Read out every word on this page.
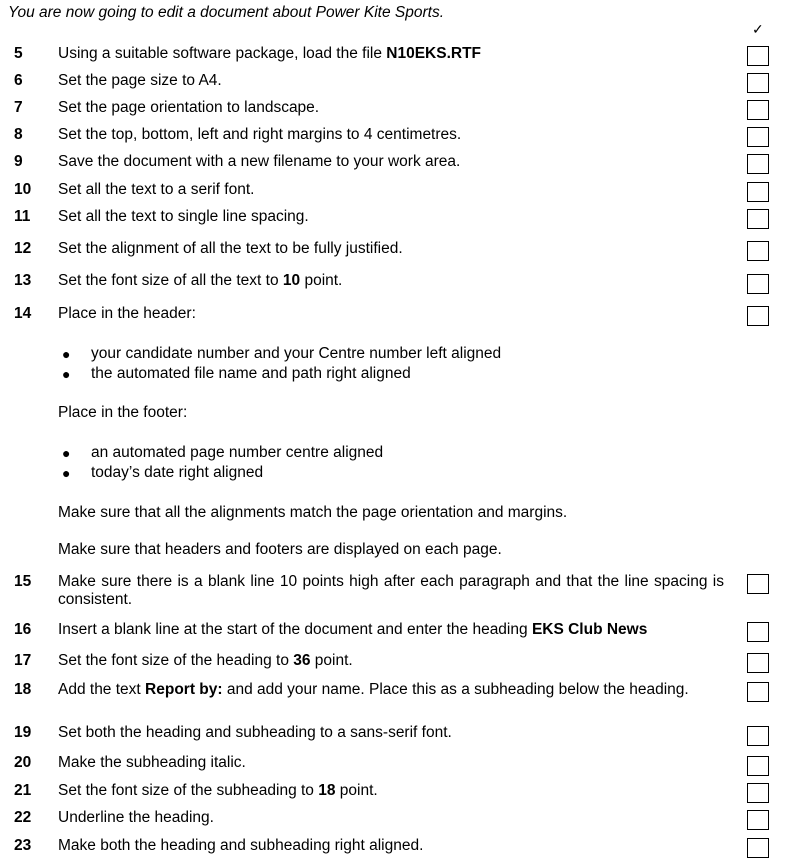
You are now going to edit a document about Power Kite Sports.
✓
5 Using a suitable software package, load the file N10EKS.RTF
6 Set the page size to A4.
7 Set the page orientation to landscape.
8 Set the top, bottom, left and right margins to 4 centimetres.
9 Save the document with a new filename to your work area.
10 Set all the text to a serif font.
11 Set all the text to single line spacing.
12 Set the alignment of all the text to be fully justified.
13 Set the font size of all the text to 10 point.
14 Place in the header:
● your candidate number and your Centre number left aligned
● the automated file name and path right aligned
Place in the footer:
● an automated page number centre aligned
● today’s date right aligned
Make sure that all the alignments match the page orientation and margins.
Make sure that headers and footers are displayed on each page.
15 Make sure there is a blank line 10 points high after each paragraph and that the line spacing is consistent.
16 Insert a blank line at the start of the document and enter the heading EKS Club News
17 Set the font size of the heading to 36 point.
18 Add the text Report by: and add your name. Place this as a subheading below the heading.
19 Set both the heading and subheading to a sans-serif font.
20 Make the subheading italic.
21 Set the font size of the subheading to 18 point.
22 Underline the heading.
23 Make both the heading and subheading right aligned.
